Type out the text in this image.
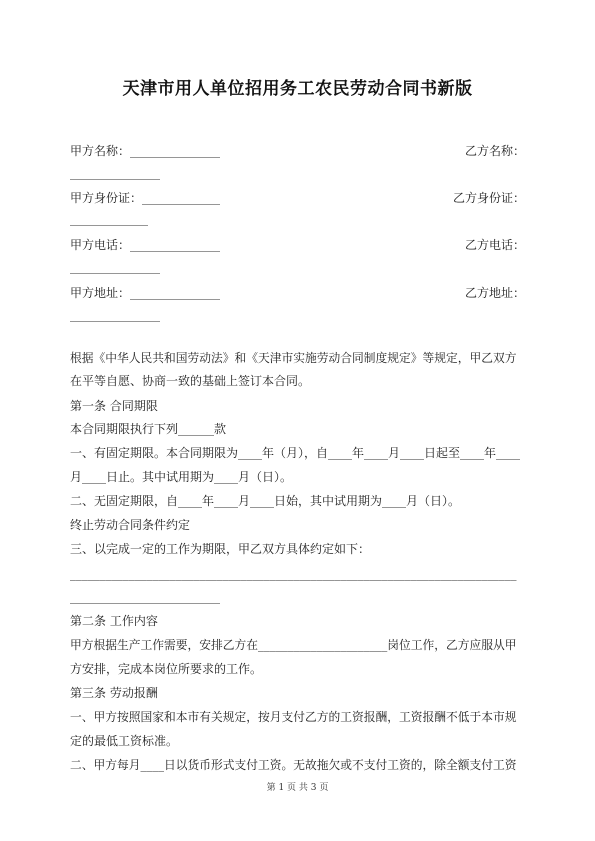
天津市用人单位招用务工农民劳动合同书新版
甲方名称：_______________	乙方名称：
_______________
甲方身份证：_____________	乙方身份证：
_____________
甲方电话：_______________	乙方电话：
_______________
甲方地址：_______________	乙方地址：
_______________

根据《中华人民共和国劳动法》和《天津市实施劳动合同制度规定》等规定，甲乙双方

在平等自愿、协商一致的基础上签订本合同。

第一条 合同期限

本合同期限执行下列______款

一、有固定期限。本合同期限为____年（月），自____年____月____日起至____年____

月____日止。其中试用期为____月（日）。

二、无固定期限，自____年____月____日始，其中试用期为____月（日）。

终止劳动合同条件约定

三、以完成一定的工作为期限，甲乙双方具体约定如下：

____________________________________________________________________________

_________________________

第二条 工作内容

甲方根据生产工作需要，安排乙方在______________________岗位工作，乙方应服从甲

方安排，完成本岗位所要求的工作。

第三条 劳动报酬

一、甲方按照国家和本市有关规定，按月支付乙方的工资报酬，工资报酬不低于本市规

定的最低工资标准。

二、甲方每月____日以货币形式支付工资。无故拖欠或不支付工资的，除全额支付工资

第 1 页 共 3 页
